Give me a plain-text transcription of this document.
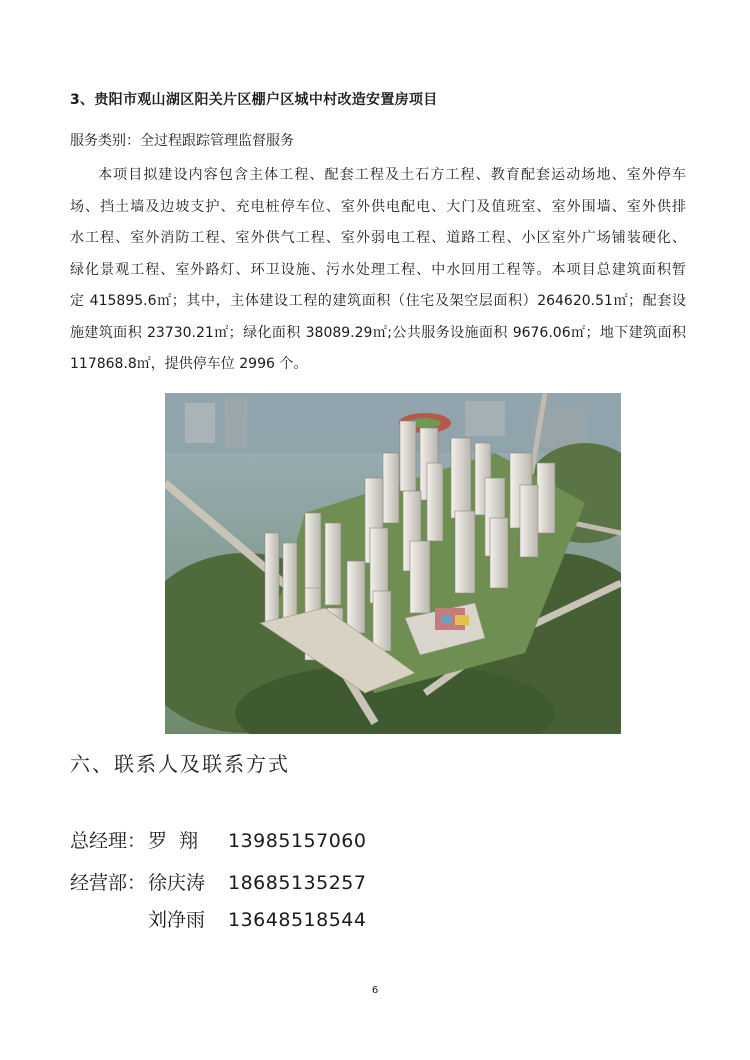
3、贵阳市观山湖区阳关片区棚户区城中村改造安置房项目
服务类别：全过程跟踪管理监督服务
本项目拟建设内容包含主体工程、配套工程及土石方工程、教育配套运动场地、室外停车
场、挡土墙及边坡支护、充电桩停车位、室外供电配电、大门及值班室、室外围墙、室外供排
水工程、室外消防工程、室外供气工程、室外弱电工程、道路工程、小区室外广场铺装硬化、
绿化景观工程、室外路灯、环卫设施、污水处理工程、中水回用工程等。本项目总建筑面积暂
定 415895.6㎡；其中，主体建设工程的建筑面积（住宅及架空层面积）264620.51㎡；配套设
施建筑面积 23730.21㎡；绿化面积 38089.29㎡;公共服务设施面积 9676.06㎡；地下建筑面积
117868.8㎡，提供停车位 2996 个。
六、联系人及联系方式
总经理： 罗  翔 13985157060
经营部： 徐庆涛 18685135257
刘净雨 13648518544
6
